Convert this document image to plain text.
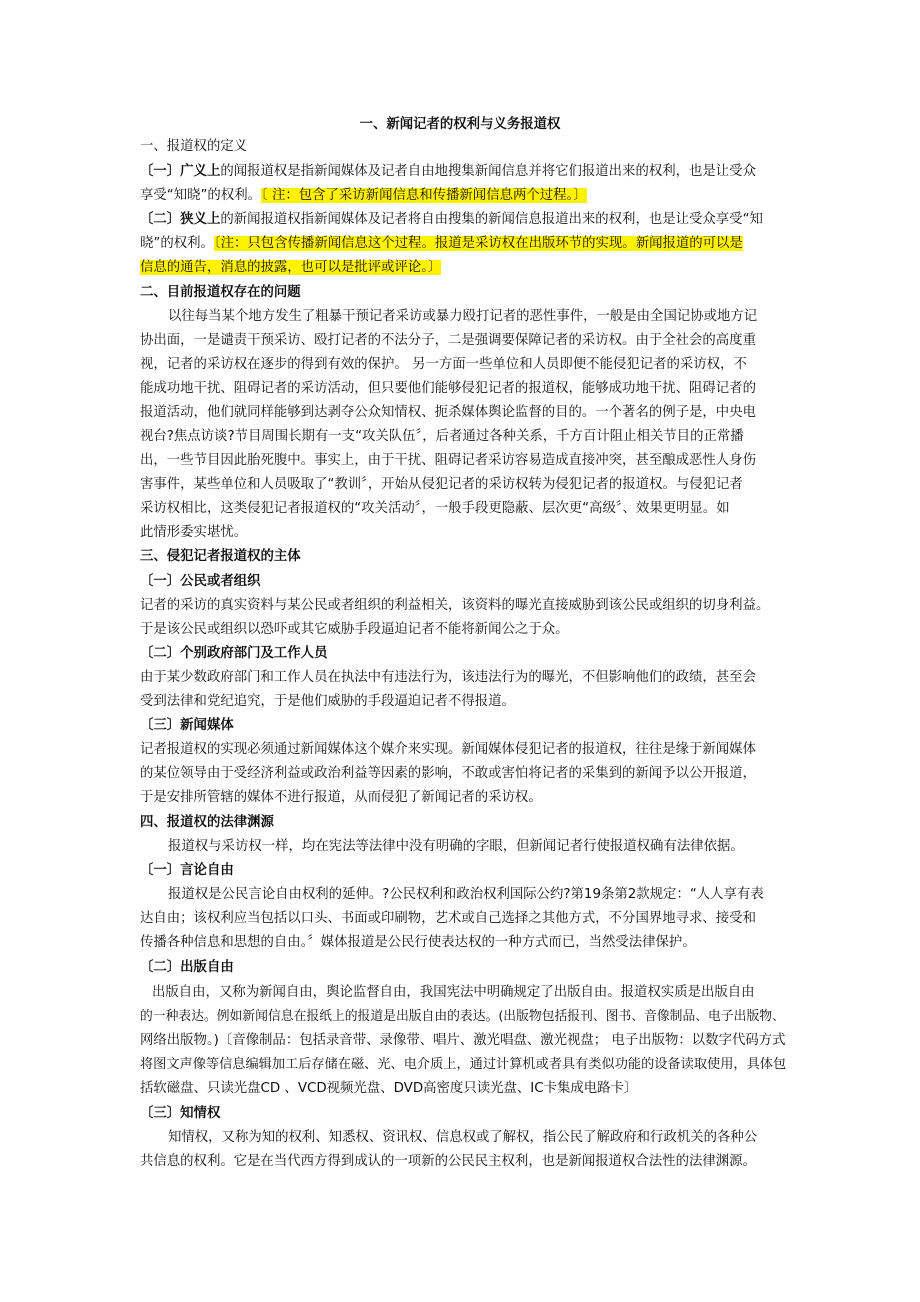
一、新闻记者的权利与义务报道权
一、报道权的定义
〔一〕广义上的闻报道权是指新闻媒体及记者自由地搜集新闻信息并将它们报道出来的权利，也是让受众
享受“知晓”的权利。〔 注：包含了采访新闻信息和传播新闻信息两个过程。〕
〔二〕狭义上的新闻报道权指新闻媒体及记者将自由搜集的新闻信息报道出来的权利，也是让受众享受“知
晓”的权利。〔注：只包含传播新闻信息这个过程。报道是采访权在出版环节的实现。新闻报道的可以是
信息的通告，消息的披露，也可以是批评或评论。〕
二、目前报道权存在的问题
以往每当某个地方发生了粗暴干预记者采访或暴力殴打记者的恶性事件，一般是由全国记协或地方记
协出面，一是谴责干预采访、殴打记者的不法分子，二是强调要保障记者的采访权。由于全社会的高度重
视，记者的采访权在逐步的得到有效的保护。 另一方面一些单位和人员即便不能侵犯记者的采访权，不
能成功地干扰、阻碍记者的采访活动，但只要他们能够侵犯记者的报道权，能够成功地干扰、阻碍记者的
报道活动，他们就同样能够到达剥夺公众知情权、扼杀媒体舆论监督的目的。一个著名的例子是，中央电
视台?焦点访谈?节目周围长期有一支“攻关队伍〞，后者通过各种关系，千方百计阻止相关节目的正常播
出，一些节目因此胎死腹中。事实上，由于干扰、阻碍记者采访容易造成直接冲突，甚至酿成恶性人身伤
害事件，某些单位和人员吸取了“教训〞，开始从侵犯记者的采访权转为侵犯记者的报道权。与侵犯记者
采访权相比，这类侵犯记者报道权的“攻关活动〞，一般手段更隐蔽、层次更“高级〞、效果更明显。如
此情形委实堪忧。
三、侵犯记者报道权的主体
〔一〕公民或者组织
记者的采访的真实资料与某公民或者组织的利益相关，该资料的曝光直接威胁到该公民或组织的切身利益。
于是该公民或组织以恐吓或其它威胁手段逼迫记者不能将新闻公之于众。
〔二〕个别政府部门及工作人员
由于某少数政府部门和工作人员在执法中有违法行为，该违法行为的曝光，不但影响他们的政绩，甚至会
受到法律和党纪追究，于是他们威胁的手段逼迫记者不得报道。
〔三〕新闻媒体
记者报道权的实现必须通过新闻媒体这个媒介来实现。新闻媒体侵犯记者的报道权，往往是缘于新闻媒体
的某位领导由于受经济利益或政治利益等因素的影响，不敢或害怕将记者的采集到的新闻予以公开报道，
于是安排所管辖的媒体不进行报道，从而侵犯了新闻记者的采访权。
四、报道权的法律渊源
报道权与采访权一样，均在宪法等法律中没有明确的字眼，但新闻记者行使报道权确有法律依据。
〔一〕言论自由
报道权是公民言论自由权利的延伸。?公民权利和政治权利国际公约?第19条第2款规定：“人人享有表
达自由；该权利应当包括以口头、书面或印刷物，艺术或自己选择之其他方式，不分国界地寻求、接受和
传播各种信息和思想的自由。〞媒体报道是公民行使表达权的一种方式而已，当然受法律保护。
〔二〕出版自由
出版自由，又称为新闻自由，舆论监督自由，我国宪法中明确规定了出版自由。报道权实质是出版自由
的一种表达。例如新闻信息在报纸上的报道是出版自由的表达。(出版物包括报刊、图书、音像制品、电子出版物、
网络出版物。)〔音像制品：包括录音带、录像带、唱片、激光唱盘、激光视盘； 电子出版物：以数字代码方式
将图文声像等信息编辑加工后存储在磁、光、电介质上，通过计算机或者具有类似功能的设备读取使用，具体包
括软磁盘、只读光盘CD 、VCD视频光盘、DVD高密度只读光盘、IC卡集成电路卡〕
〔三〕知情权
知情权，又称为知的权利、知悉权、资讯权、信息权或了解权，指公民了解政府和行政机关的各种公
共信息的权利。它是在当代西方得到成认的一项新的公民民主权利，也是新闻报道权合法性的法律渊源。
